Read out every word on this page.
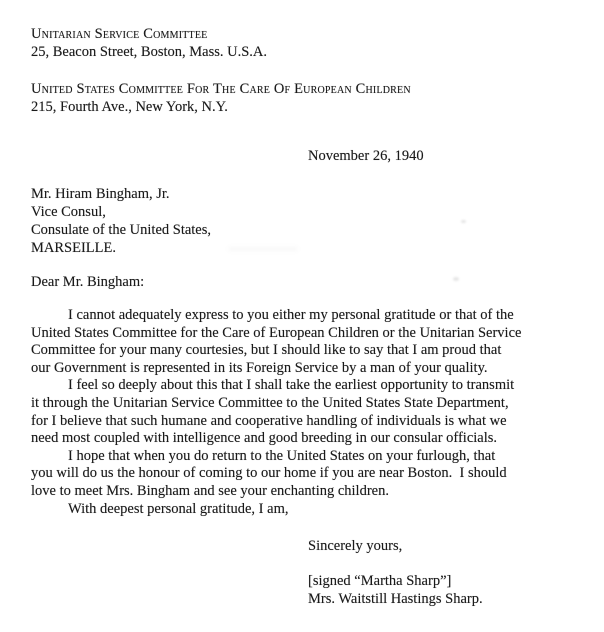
Unitarian Service Committee
25, Beacon Street, Boston, Mass. U.S.A.
United States Committee For The Care Of European Children
215, Fourth Ave., New York, N.Y.
November 26, 1940
Mr. Hiram Bingham, Jr.
Vice Consul,
Consulate of the United States,
MARSEILLE.
Dear Mr. Bingham:
I cannot adequately express to you either my personal gratitude or that of the
United States Committee for the Care of European Children or the Unitarian Service
Committee for your many courtesies, but I should like to say that I am proud that
our Government is represented in its Foreign Service by a man of your quality.
I feel so deeply about this that I shall take the earliest opportunity to transmit
it through the Unitarian Service Committee to the United States State Department,
for I believe that such humane and cooperative handling of individuals is what we
need most coupled with intelligence and good breeding in our consular officials.
I hope that when you do return to the United States on your furlough, that
you will do us the honour of coming to our home if you are near Boston.  I should
love to meet Mrs. Bingham and see your enchanting children.
With deepest personal gratitude, I am,
Sincerely yours,
[signed “Martha Sharp”]
Mrs. Waitstill Hastings Sharp.
